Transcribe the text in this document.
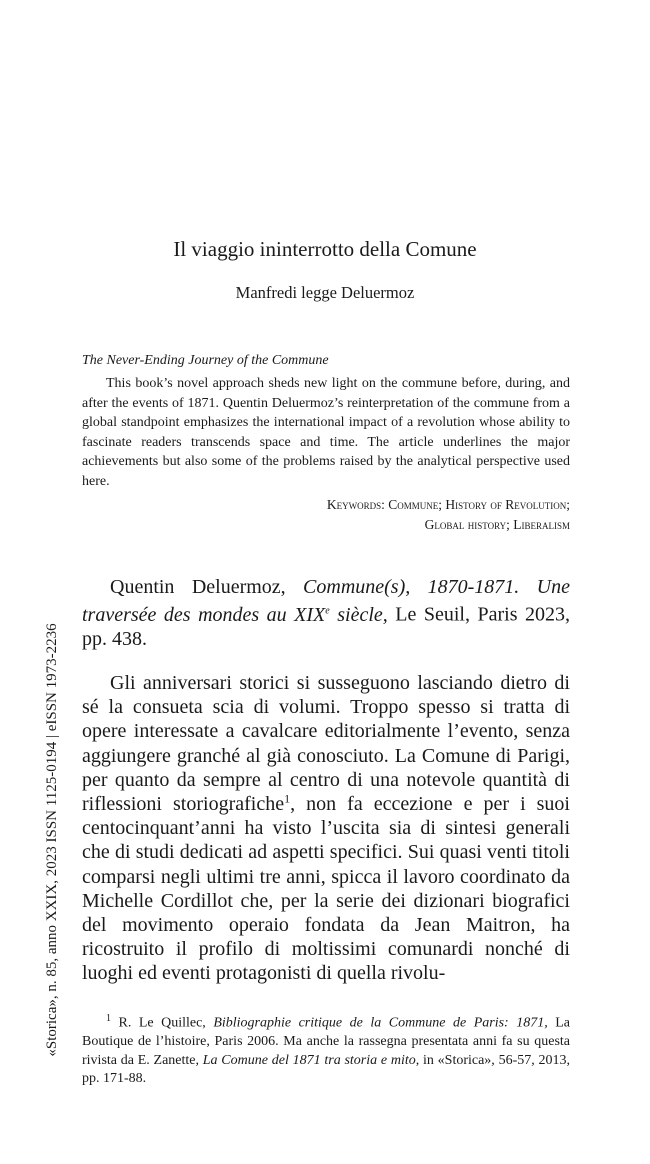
Il viaggio ininterrotto della Comune
Manfredi legge Deluermoz
The Never-Ending Journey of the Commune

This book’s novel approach sheds new light on the commune before, during, and after the events of 1871. Quentin Deluermoz’s reinterpretation of the commune from a global standpoint emphasizes the international impact of a revolution whose ability to fascinate readers transcends space and time. The article underlines the major achievements but also some of the problems raised by the analytical perspective used here.

Keywords: Commune; History of Revolution;
Global history; Liberalism

Quentin Deluermoz, Commune(s), 1870-1871. Une traversée des mondes au XIXe siècle, Le Seuil, Paris 2023, pp. 438.

Gli anniversari storici si susseguono lasciando dietro di sé la consueta scia di volumi. Troppo spesso si tratta di opere interessate a cavalcare editorialmente l’evento, senza aggiungere granché al già conosciuto. La Comune di Parigi, per quanto da sempre al centro di una notevole quantità di riflessioni storiografiche$^1$, non fa eccezione e per i suoi centocinquant’anni ha visto l’uscita sia di sintesi generali che di studi dedicati ad aspetti specifici. Sui quasi venti titoli comparsi negli ultimi tre anni, spicca il lavoro coordinato da Michelle Cordillot che, per la serie dei dizionari biografici del movimento operaio fondata da Jean Maitron, ha ricostruito il profilo di moltissimi comunardi nonché di luoghi ed eventi protagonisti di quella rivolu-

$^1$ R. Le Quillec, Bibliographie critique de la Commune de Paris: 1871, La Boutique de l’histoire, Paris 2006. Ma anche la rassegna presentata anni fa su questa rivista da E. Zanette, La Comune del 1871 tra storia e mito, in «Storica», 56-57, 2013, pp. 171-88.

«Storica», n. 85, anno XXIX, 2023 ISSN 1125-0194 | eISSN 1973-2236
